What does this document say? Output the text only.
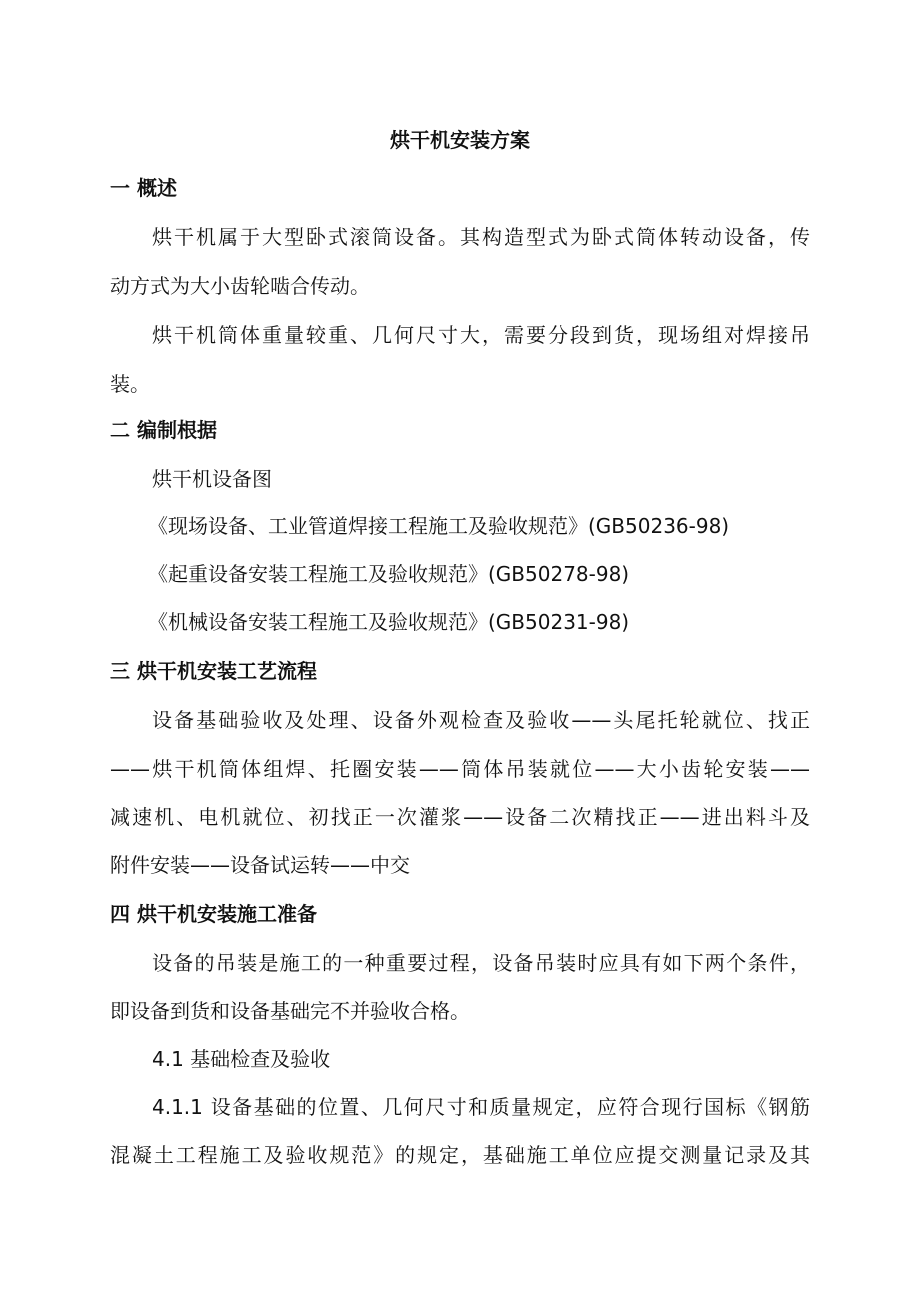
烘干机安装方案
一 概述
烘干机属于大型卧式滚筒设备。其构造型式为卧式筒体转动设备，传
动方式为大小齿轮啮合传动。
烘干机筒体重量较重、几何尺寸大，需要分段到货，现场组对焊接吊
装。
二 编制根据
烘干机设备图
《现场设备、工业管道焊接工程施工及验收规范》(GB50236-98)
《起重设备安装工程施工及验收规范》(GB50278-98)
《机械设备安装工程施工及验收规范》(GB50231-98)
三 烘干机安装工艺流程
设备基础验收及处理、设备外观检查及验收——头尾托轮就位、找正
——烘干机筒体组焊、托圈安装——筒体吊装就位——大小齿轮安装——
减速机、电机就位、初找正一次灌浆——设备二次精找正——进出料斗及
附件安装——设备试运转——中交
四 烘干机安装施工准备
设备的吊装是施工的一种重要过程，设备吊装时应具有如下两个条件，
即设备到货和设备基础完不并验收合格。
4.1 基础检查及验收
4.1.1 设备基础的位置、几何尺寸和质量规定，应符合现行国标《钢筋
混凝土工程施工及验收规范》的规定，基础施工单位应提交测量记录及其
